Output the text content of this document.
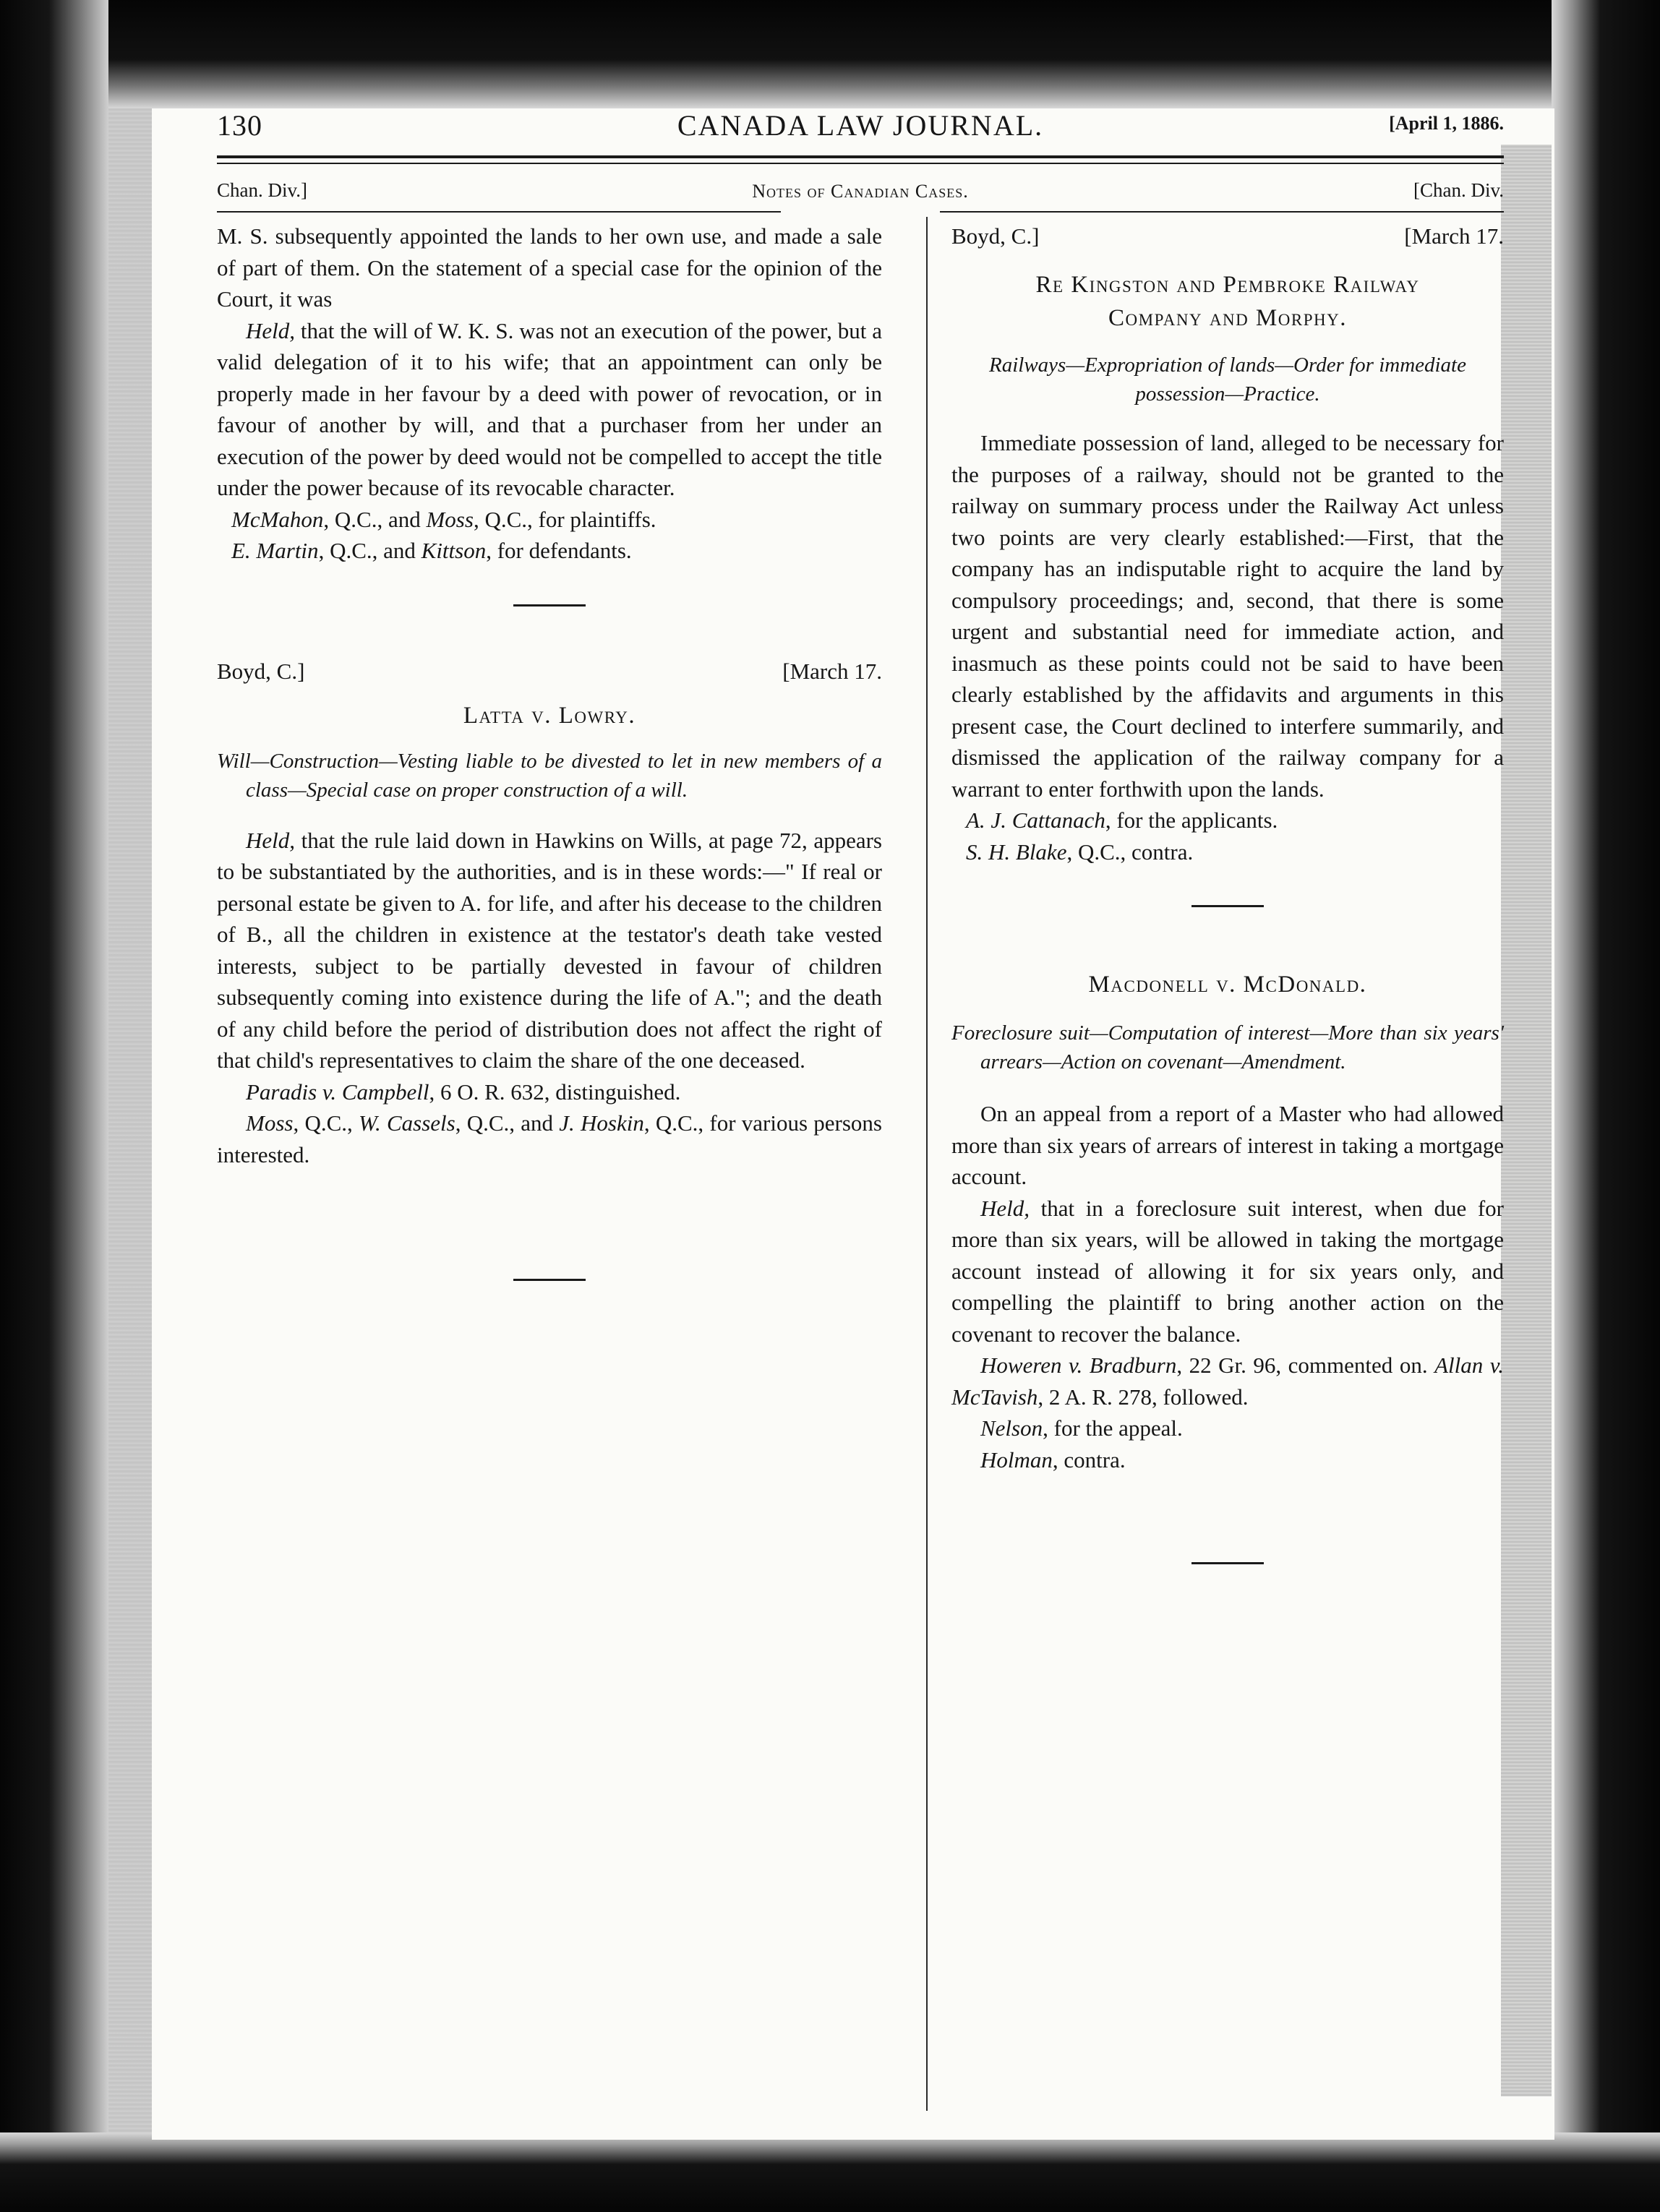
130	CANADA LAW JOURNAL.	[April 1, 1886.
Chan. Div.]	Notes of Canadian Cases.	[Chan. Div.

M. S. subsequently appointed the lands to her own use, and made a sale of part of them. On the statement of a special case for the opinion of the Court, it was

Held, that the will of W. K. S. was not an execution of the power, but a valid delegation of it to his wife; that an appointment can only be properly made in her favour by a deed with power of revocation, or in favour of another by will, and that a purchaser from her under an execution of the power by deed would not be compelled to accept the title under the power because of its revocable character.

McMahon, Q.C., and Moss, Q.C., for plaintiffs.

E. Martin, Q.C., and Kittson, for defendants.

Boyd, C.]	[March 17.

Latta v. Lowry.

Will—Construction—Vesting liable to be divested to let in new members of a class—Special case on proper construction of a will.

Held, that the rule laid down in Hawkins on Wills, at page 72, appears to be substantiated by the authorities, and is in these words:—" If real or personal estate be given to A. for life, and after his decease to the children of B., all the children in existence at the testator's death take vested interests, subject to be partially devested in favour of children subsequently coming into existence during the life of A."; and the death of any child before the period of distribution does not affect the right of that child's representatives to claim the share of the one deceased.

Paradis v. Campbell, 6 O. R. 632, distinguished.

Moss, Q.C., W. Cassels, Q.C., and J. Hoskin, Q.C., for various persons interested.

Boyd, C.]	[March 17.

Re Kingston and Pembroke Railway

Company and Morphy.

Railways—Expropriation of lands—Order for immediate possession—Practice.

Immediate possession of land, alleged to be necessary for the purposes of a railway, should not be granted to the railway on summary process under the Railway Act unless two points are very clearly established:—First, that the company has an indisputable right to acquire the land by compulsory proceedings; and, second, that there is some urgent and substantial need for immediate action, and inasmuch as these points could not be said to have been clearly established by the affidavits and arguments in this present case, the Court declined to interfere summarily, and dismissed the application of the railway company for a warrant to enter forthwith upon the lands.

A. J. Cattanach, for the applicants.

S. H. Blake, Q.C., contra.

Macdonell v. McDonald.

Foreclosure suit—Computation of interest—More than six years' arrears—Action on covenant—Amendment.

On an appeal from a report of a Master who had allowed more than six years of arrears of interest in taking a mortgage account.

Held, that in a foreclosure suit interest, when due for more than six years, will be allowed in taking the mortgage account instead of allowing it for six years only, and compelling the plaintiff to bring another action on the covenant to recover the balance.

Howeren v. Bradburn, 22 Gr. 96, commented on. Allan v. McTavish, 2 A. R. 278, followed.

Nelson, for the appeal.

Holman, contra.
